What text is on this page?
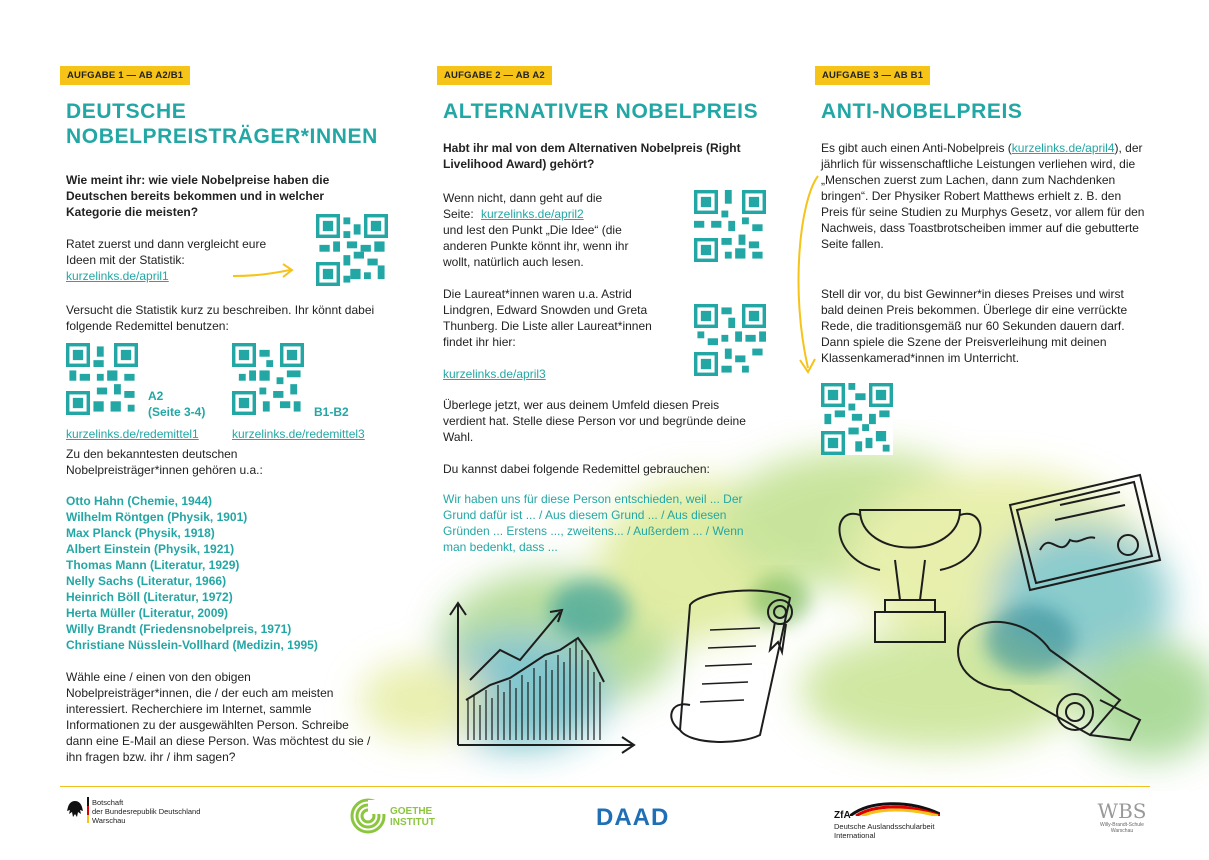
AUFGABE 1 — AB A2/B1
DEUTSCHE
NOBELPREISTRÄGER*INNEN

Wie meint ihr: wie viele Nobelpreise haben die Deutschen bereits bekommen und in welcher Kategorie die meisten?

Ratet zuerst und dann vergleicht eure Ideen mit der Statistik:

kurzelinks.de/april1

Versucht die Statistik kurz zu beschreiben. Ihr könnt dabei folgende Redemittel benutzen:

A2
(Seite 3-4)	B1-B2
kurzelinks.de/redemittel1	kurzelinks.de/redemittel3

Zu den bekanntesten deutschen Nobelpreisträger*innen gehören u.a.:

Otto Hahn (Chemie, 1944)
Wilhelm Röntgen (Physik, 1901)
Max Planck (Physik, 1918)
Albert Einstein (Physik, 1921)
Thomas Mann (Literatur, 1929)
Nelly Sachs (Literatur, 1966)
Heinrich Böll (Literatur, 1972)
Herta Müller (Literatur, 2009)
Willy Brandt (Friedensnobelpreis, 1971)
Christiane Nüsslein-Vollhard (Medizin, 1995)

Wähle eine / einen von den obigen Nobelpreisträger*innen, die / der euch am meisten interessiert. Recherchiere im Internet, sammle Informationen zu der ausgewählten Person. Schreibe dann eine E-Mail an diese Person. Was möchtest du sie / ihn fragen bzw. ihr / ihm sagen?

AUFGABE 2 — AB A2
ALTERNATIVER NOBELPREIS

Habt ihr mal von dem Alternativen Nobelpreis (Right Livelihood Award) gehört?

Wenn nicht, dann geht auf die Seite: kurzelinks.de/april2

und lest den Punkt „Die Idee“ (die anderen Punkte könnt ihr, wenn ihr wollt, natürlich auch lesen.

Die Laureat*innen waren u.a. Astrid Lindgren, Edward Snowden und Greta Thunberg. Die Liste aller Laureat*innen findet ihr hier:

kurzelinks.de/april3

Überlege jetzt, wer aus deinem Umfeld diesen Preis verdient hat. Stelle diese Person vor und begründe deine Wahl.

Du kannst dabei folgende Redemittel gebrauchen:

Wir haben uns für diese Person entschieden, weil ... Der Grund dafür ist ... / Aus diesem Grund ... / Aus diesen Gründen ... Erstens ..., zweitens... / Außerdem ... / Wenn man bedenkt, dass ...

AUFGABE 3 — AB B1
ANTI-NOBELPREIS

Es gibt auch einen Anti-Nobelpreis (kurzelinks.de/april4), der jährlich für wissenschaftliche Leistungen verliehen wird, die „Menschen zuerst zum Lachen, dann zum Nachdenken bringen“. Der Physiker Robert Matthews erhielt z. B. den Preis für seine Studien zu Murphys Gesetz, vor allem für den Nachweis, dass Toastbrotscheiben immer auf die gebutterte Seite fallen.

Stell dir vor, du bist Gewinner*in dieses Preises und wirst bald deinen Preis bekommen. Überlege dir eine verrückte Rede, die traditionsgemäß nur 60 Sekunden dauern darf. Dann spiele die Szene der Preisverleihung mit deinen Klassenkamerad*innen im Unterricht.

Botschaft
der Bundesrepublik Deutschland
Warschau
GOETHE
INSTITUT	DAAD	ZfA
Deutsche Auslandsschularbeit
International
WBS
Willy-Brandt-Schule Warschau
